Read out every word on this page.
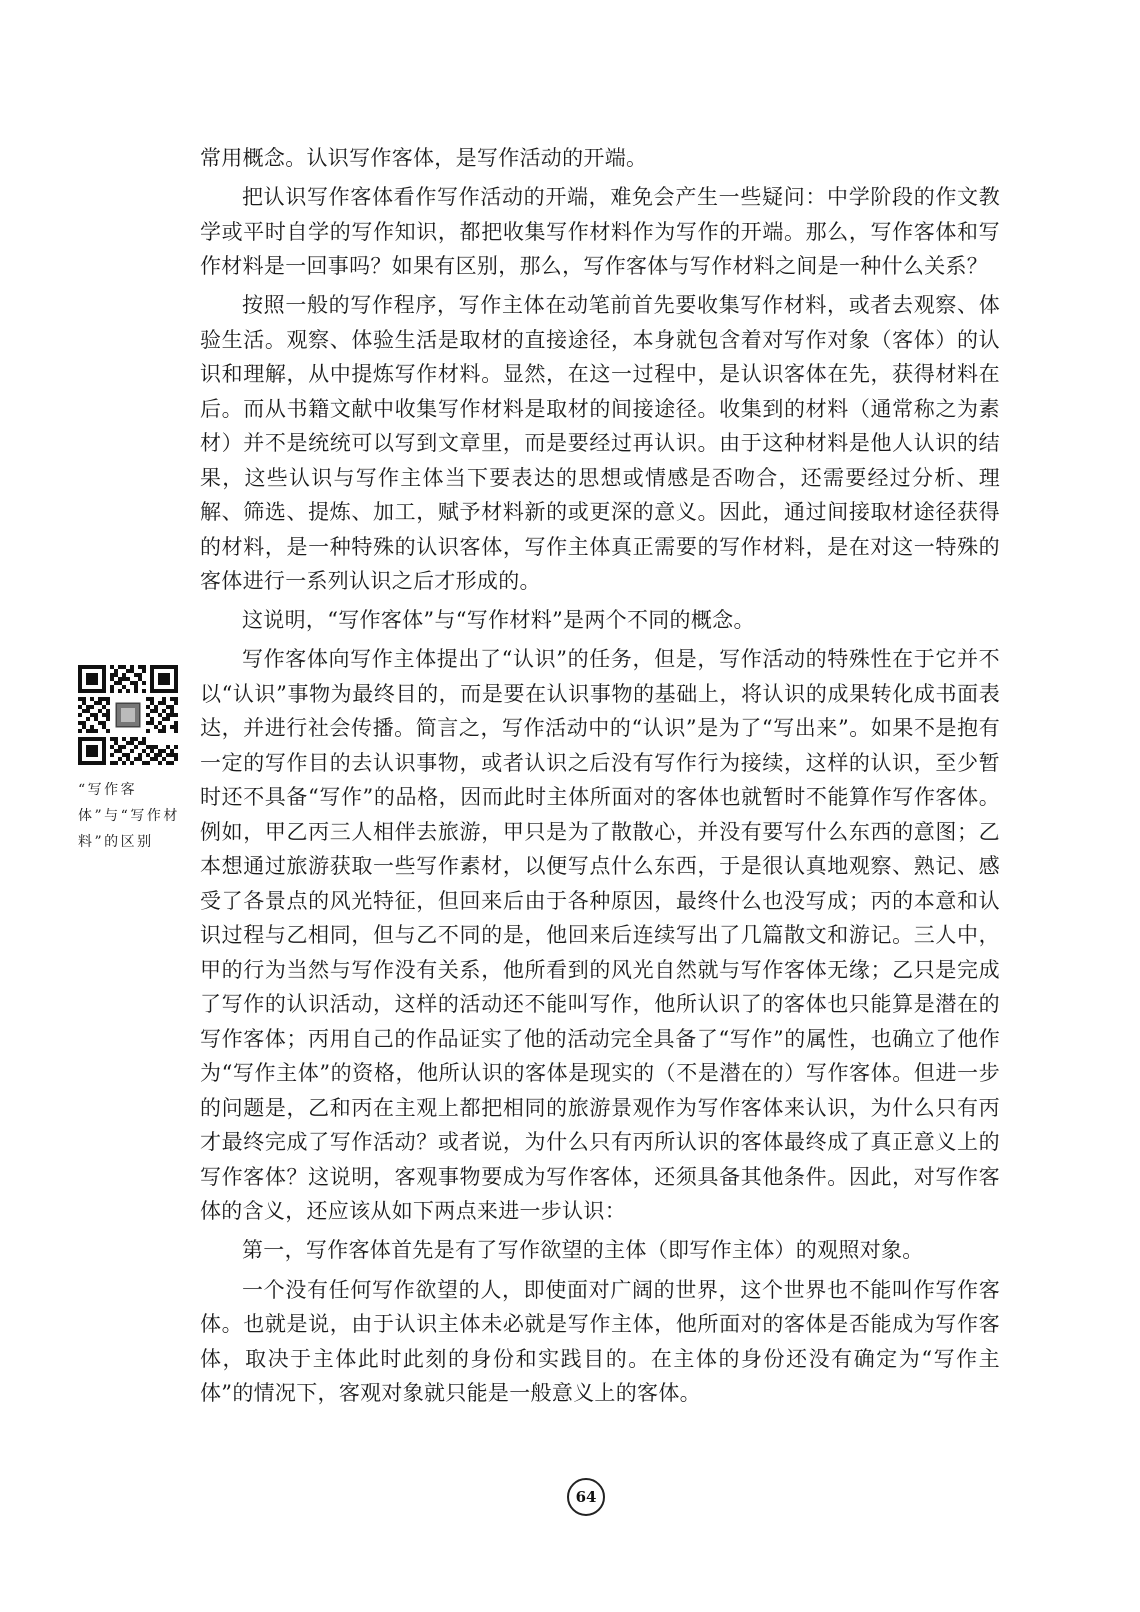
常用概念。认识写作客体，是写作活动的开端。

把认识写作客体看作写作活动的开端，难免会产生一些疑问：中学阶段的作文教学或平时自学的写作知识，都把收集写作材料作为写作的开端。那么，写作客体和写作材料是一回事吗？如果有区别，那么，写作客体与写作材料之间是一种什么关系？

按照一般的写作程序，写作主体在动笔前首先要收集写作材料，或者去观察、体验生活。观察、体验生活是取材的直接途径，本身就包含着对写作对象（客体）的认识和理解，从中提炼写作材料。显然，在这一过程中，是认识客体在先，获得材料在后。而从书籍文献中收集写作材料是取材的间接途径。收集到的材料（通常称之为素材）并不是统统可以写到文章里，而是要经过再认识。由于这种材料是他人认识的结果，这些认识与写作主体当下要表达的思想或情感是否吻合，还需要经过分析、理解、筛选、提炼、加工，赋予材料新的或更深的意义。因此，通过间接取材途径获得的材料，是一种特殊的认识客体，写作主体真正需要的写作材料，是在对这一特殊的客体进行一系列认识之后才形成的。

这说明，“写作客体”与“写作材料”是两个不同的概念。

写作客体向写作主体提出了“认识”的任务，但是，写作活动的特殊性在于它并不以“认识”事物为最终目的，而是要在认识事物的基础上，将认识的成果转化成书面表达，并进行社会传播。简言之，写作活动中的“认识”是为了“写出来”。如果不是抱有一定的写作目的去认识事物，或者认识之后没有写作行为接续，这样的认识，至少暂时还不具备“写作”的品格，因而此时主体所面对的客体也就暂时不能算作写作客体。例如，甲乙丙三人相伴去旅游，甲只是为了散散心，并没有要写什么东西的意图；乙本想通过旅游获取一些写作素材，以便写点什么东西，于是很认真地观察、熟记、感受了各景点的风光特征，但回来后由于各种原因，最终什么也没写成；丙的本意和认识过程与乙相同，但与乙不同的是，他回来后连续写出了几篇散文和游记。三人中，甲的行为当然与写作没有关系，他所看到的风光自然就与写作客体无缘；乙只是完成了写作的认识活动，这样的活动还不能叫写作，他所认识了的客体也只能算是潜在的写作客体；丙用自己的作品证实了他的活动完全具备了“写作”的属性，也确立了他作为“写作主体”的资格，他所认识的客体是现实的（不是潜在的）写作客体。但进一步的问题是，乙和丙在主观上都把相同的旅游景观作为写作客体来认识，为什么只有丙才最终完成了写作活动？或者说，为什么只有丙所认识的客体最终成了真正意义上的写作客体？这说明，客观事物要成为写作客体，还须具备其他条件。因此，对写作客体的含义，还应该从如下两点来进一步认识：

第一，写作客体首先是有了写作欲望的主体（即写作主体）的观照对象。

一个没有任何写作欲望的人，即使面对广阔的世界，这个世界也不能叫作写作客体。也就是说，由于认识主体未必就是写作主体，他所面对的客体是否能成为写作客体，取决于主体此时此刻的身份和实践目的。在主体的身份还没有确定为“写作主体”的情况下，客观对象就只能是一般意义上的客体。

“写作客体”与“写作材料”的区别
64
